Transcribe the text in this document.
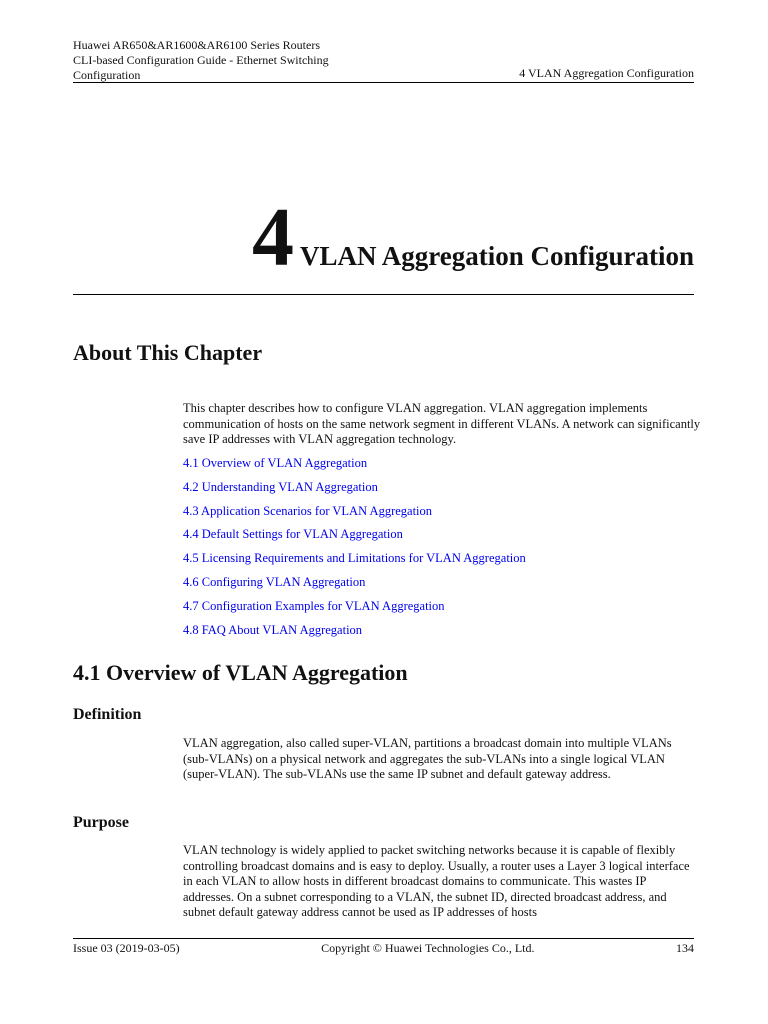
Huawei AR650&AR1600&AR6100 Series Routers
CLI-based Configuration Guide - Ethernet Switching
Configuration	4 VLAN Aggregation Configuration
4 VLAN Aggregation Configuration
About This Chapter
This chapter describes how to configure VLAN aggregation. VLAN aggregation implements communication of hosts on the same network segment in different VLANs. A network can significantly save IP addresses with VLAN aggregation technology.
4.1 Overview of VLAN Aggregation
4.2 Understanding VLAN Aggregation
4.3 Application Scenarios for VLAN Aggregation
4.4 Default Settings for VLAN Aggregation
4.5 Licensing Requirements and Limitations for VLAN Aggregation
4.6 Configuring VLAN Aggregation
4.7 Configuration Examples for VLAN Aggregation
4.8 FAQ About VLAN Aggregation
4.1 Overview of VLAN Aggregation
Definition
VLAN aggregation, also called super-VLAN, partitions a broadcast domain into multiple VLANs (sub-VLANs) on a physical network and aggregates the sub-VLANs into a single logical VLAN (super-VLAN). The sub-VLANs use the same IP subnet and default gateway address.
Purpose
VLAN technology is widely applied to packet switching networks because it is capable of flexibly controlling broadcast domains and is easy to deploy. Usually, a router uses a Layer 3 logical interface in each VLAN to allow hosts in different broadcast domains to communicate. This wastes IP addresses. On a subnet corresponding to a VLAN, the subnet ID, directed broadcast address, and subnet default gateway address cannot be used as IP addresses of hosts
Issue 03 (2019-03-05)	Copyright © Huawei Technologies Co., Ltd.	134
